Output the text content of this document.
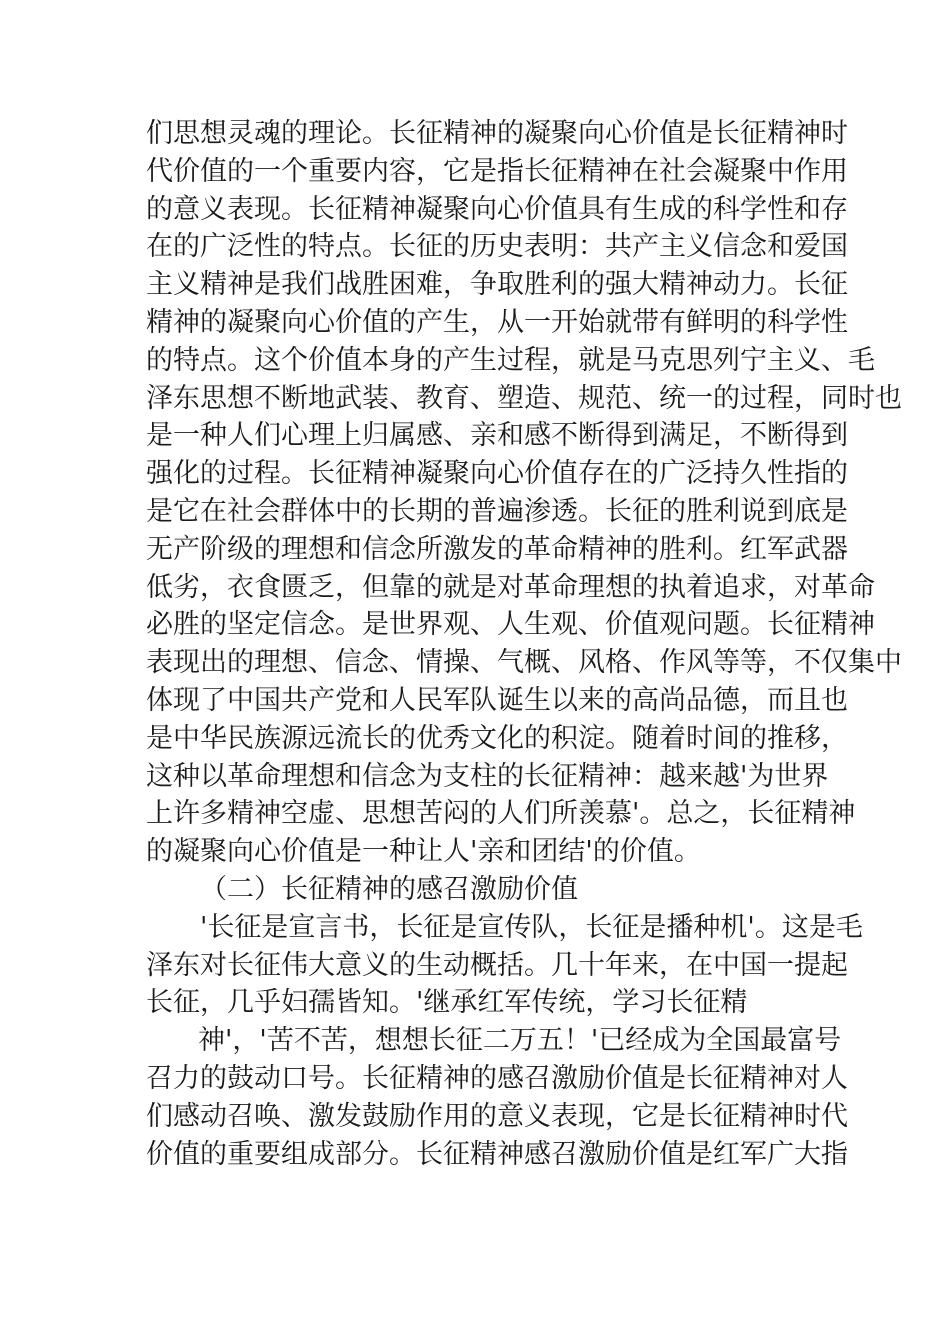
们思想灵魂的理论。长征精神的凝聚向心价值是长征精神时
代价值的一个重要内容，它是指长征精神在社会凝聚中作用
的意义表现。长征精神凝聚向心价值具有生成的科学性和存
在的广泛性的特点。长征的历史表明：共产主义信念和爱国
主义精神是我们战胜困难，争取胜利的强大精神动力。长征
精神的凝聚向心价值的产生，从一开始就带有鲜明的科学性
的特点。这个价值本身的产生过程，就是马克思列宁主义、毛
泽东思想不断地武装、教育、塑造、规范、统一的过程，同时也
是一种人们心理上归属感、亲和感不断得到满足，不断得到
强化的过程。长征精神凝聚向心价值存在的广泛持久性指的
是它在社会群体中的长期的普遍渗透。长征的胜利说到底是
无产阶级的理想和信念所激发的革命精神的胜利。红军武器
低劣，衣食匮乏，但靠的就是对革命理想的执着追求，对革命
必胜的坚定信念。是世界观、人生观、价值观问题。长征精神
表现出的理想、信念、情操、气概、风格、作风等等，不仅集中
体现了中国共产党和人民军队诞生以来的高尚品德，而且也
是中华民族源远流长的优秀文化的积淀。随着时间的推移，
这种以革命理想和信念为支柱的长征精神：越来越'为世界
上许多精神空虚、思想苦闷的人们所羡慕'。总之，长征精神
的凝聚向心价值是一种让人'亲和团结'的价值。
（二）长征精神的感召激励价值
'长征是宣言书，长征是宣传队，长征是播种机'。这是毛
泽东对长征伟大意义的生动概括。几十年来，在中国一提起
长征，几乎妇孺皆知。'继承红军传统，学习长征精
神'，'苦不苦，想想长征二万五！'已经成为全国最富号
召力的鼓动口号。长征精神的感召激励价值是长征精神对人
们感动召唤、激发鼓励作用的意义表现，它是长征精神时代
价值的重要组成部分。长征精神感召激励价值是红军广大指
